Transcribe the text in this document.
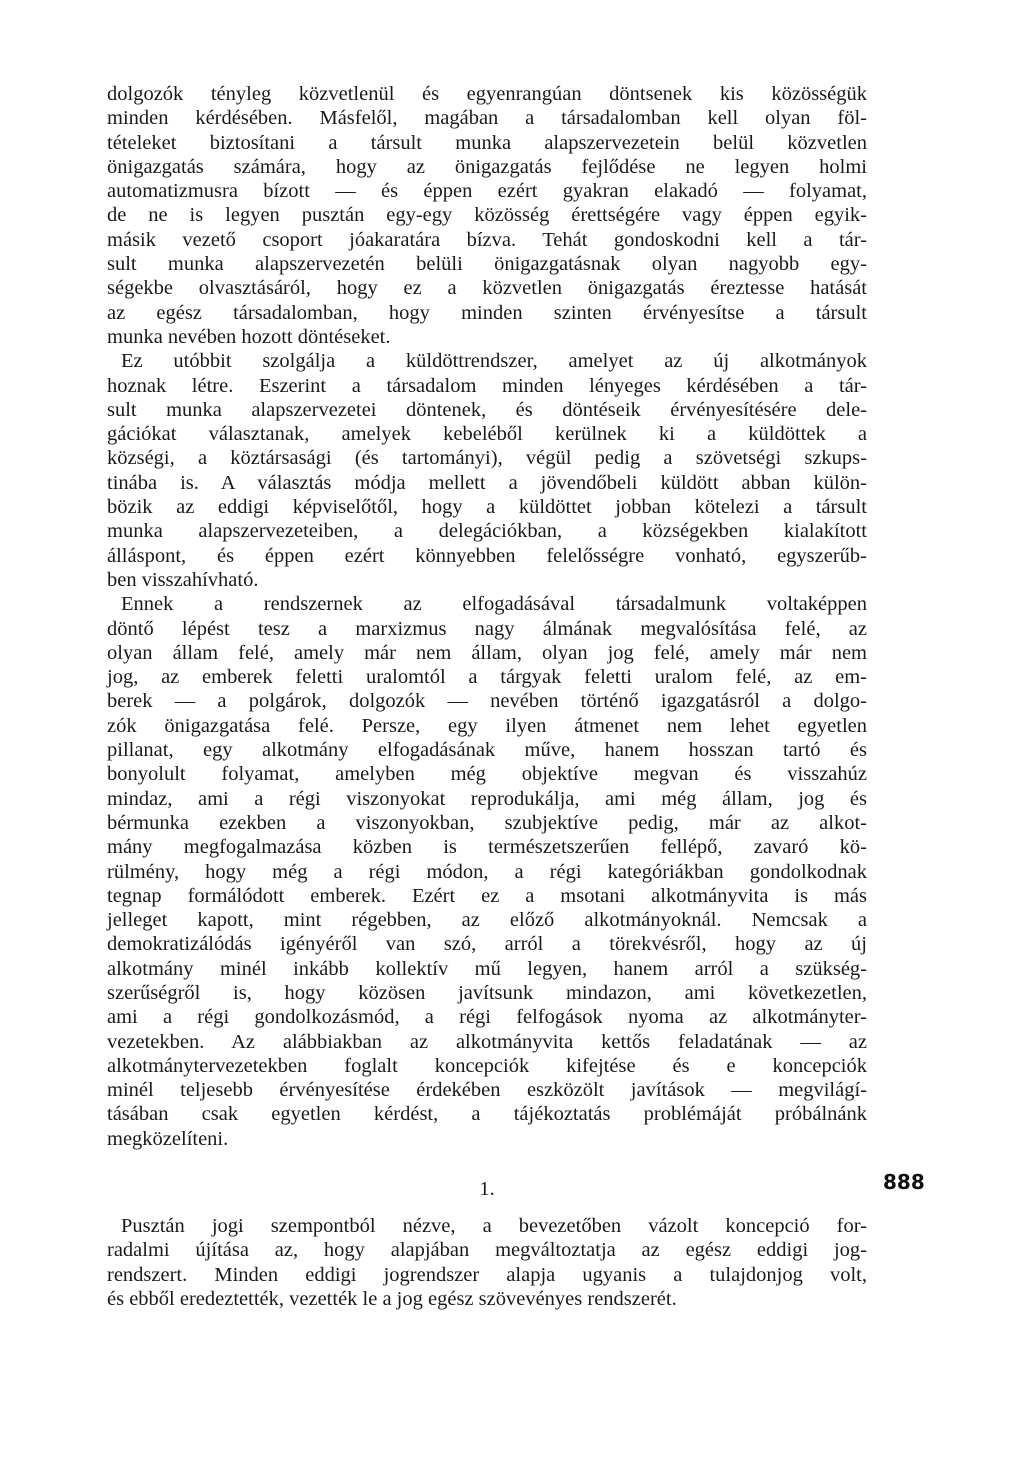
dolgozók tényleg közvetlenül és egyenrangúan döntsenek kis közösségük
minden kérdésében. Másfelől, magában a társadalomban kell olyan föl-
tételeket biztosítani a társult munka alapszervezetein belül közvetlen
önigazgatás számára, hogy az önigazgatás fejlődése ne legyen holmi
automatizmusra bízott — és éppen ezért gyakran elakadó — folyamat,
de ne is legyen pusztán egy-egy közösség érettségére vagy éppen egyik-
másik vezető csoport jóakaratára bízva. Tehát gondoskodni kell a tár-
sult munka alapszervezetén belüli önigazgatásnak olyan nagyobb egy-
ségekbe olvasztásáról, hogy ez a közvetlen önigazgatás éreztesse hatását
az egész társadalomban, hogy minden szinten érvényesítse a társult
munka nevében hozott döntéseket.

Ez utóbbit szolgálja a küldöttrendszer, amelyet az új alkotmányok
hoznak létre. Eszerint a társadalom minden lényeges kérdésében a tár-
sult munka alapszervezetei döntenek, és döntéseik érvényesítésére dele-
gációkat választanak, amelyek kebeléből kerülnek ki a küldöttek a
községi, a köztársasági (és tartományi), végül pedig a szövetségi szkups-
tinába is. A választás módja mellett a jövendőbeli küldött abban külön-
bözik az eddigi képviselőtől, hogy a küldöttet jobban kötelezi a társult
munka alapszervezeteiben, a delegációkban, a községekben kialakított
álláspont, és éppen ezért könnyebben felelősségre vonható, egyszerűb-
ben visszahívható.

Ennek a rendszernek az elfogadásával társadalmunk voltaképpen
döntő lépést tesz a marxizmus nagy álmának megvalósítása felé, az
olyan állam felé, amely már nem állam, olyan jog felé, amely már nem
jog, az emberek feletti uralomtól a tárgyak feletti uralom felé, az em-
berek — a polgárok, dolgozók — nevében történő igazgatásról a dolgo-
zók önigazgatása felé. Persze, egy ilyen átmenet nem lehet egyetlen
pillanat, egy alkotmány elfogadásának műve, hanem hosszan tartó és
bonyolult folyamat, amelyben még objektíve megvan és visszahúz
mindaz, ami a régi viszonyokat reprodukálja, ami még állam, jog és
bérmunka ezekben a viszonyokban, szubjektíve pedig, már az alkot-
mány megfogalmazása közben is természetszerűen fellépő, zavaró kö-
rülmény, hogy még a régi módon, a régi kategóriákban gondolkodnak
tegnap formálódott emberek. Ezért ez a msotani alkotmányvita is más
jelleget kapott, mint régebben, az előző alkotmányoknál. Nemcsak a
demokratizálódás igényéről van szó, arról a törekvésről, hogy az új
alkotmány minél inkább kollektív mű legyen, hanem arról a szükség-
szerűségről is, hogy közösen javítsunk mindazon, ami következetlen,
ami a régi gondolkozásmód, a régi felfogások nyoma az alkotmányter-
vezetekben. Az alábbiakban az alkotmányvita kettős feladatának — az
alkotmánytervezetekben foglalt koncepciók kifejtése és e koncepciók
minél teljesebb érvényesítése érdekében eszközölt javítások — megvilágí-
tásában csak egyetlen kérdést, a tájékoztatás problémáját próbálnánk
megközelíteni.

1.

Pusztán jogi szempontból nézve, a bevezetőben vázolt koncepció for-
radalmi újítása az, hogy alapjában megváltoztatja az egész eddigi jog-
rendszert. Minden eddigi jogrendszer alapja ugyanis a tulajdonjog volt,
és ebből eredeztették, vezették le a jog egész szövevényes rendszerét.

888
